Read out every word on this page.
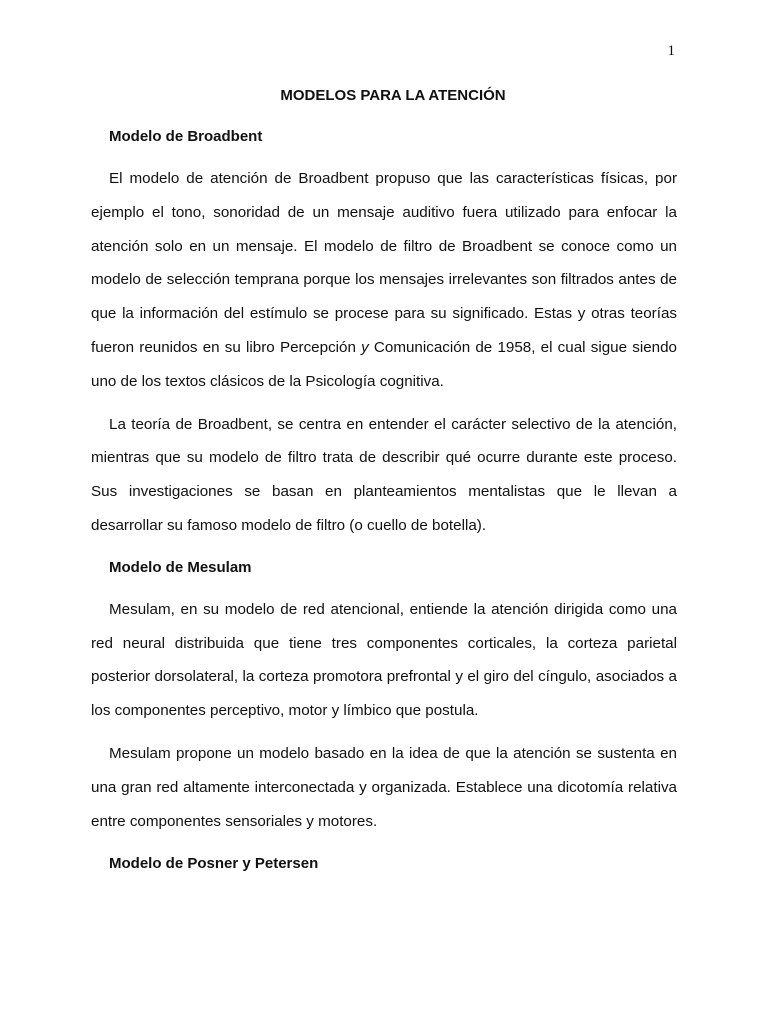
1
MODELOS PARA LA ATENCIÓN
Modelo de Broadbent

El modelo de atención de Broadbent propuso que las características físicas, por ejemplo el tono, sonoridad de un mensaje auditivo fuera utilizado para enfocar la atención solo en un mensaje. El modelo de filtro de Broadbent se conoce como un modelo de selección temprana porque los mensajes irrelevantes son filtrados antes de que la información del estímulo se procese para su significado. Estas y otras teorías fueron reunidos en su libro Percepción y Comunicación de 1958, el cual sigue siendo uno de los textos clásicos de la Psicología cognitiva.

La teoría de Broadbent, se centra en entender el carácter selectivo de la atención, mientras que su modelo de filtro trata de describir qué ocurre durante este proceso. Sus investigaciones se basan en planteamientos mentalistas que le llevan a desarrollar su famoso modelo de filtro (o cuello de botella).

Modelo de Mesulam

Mesulam, en su modelo de red atencional, entiende la atención dirigida como una red neural distribuida que tiene tres componentes corticales, la corteza parietal posterior dorsolateral, la corteza promotora prefrontal y el giro del cíngulo, asociados a los componentes perceptivo, motor y límbico que postula.

Mesulam propone un modelo basado en la idea de que la atención se sustenta en una gran red altamente interconectada y organizada. Establece una dicotomía relativa entre componentes sensoriales y motores.

Modelo de Posner y Petersen
